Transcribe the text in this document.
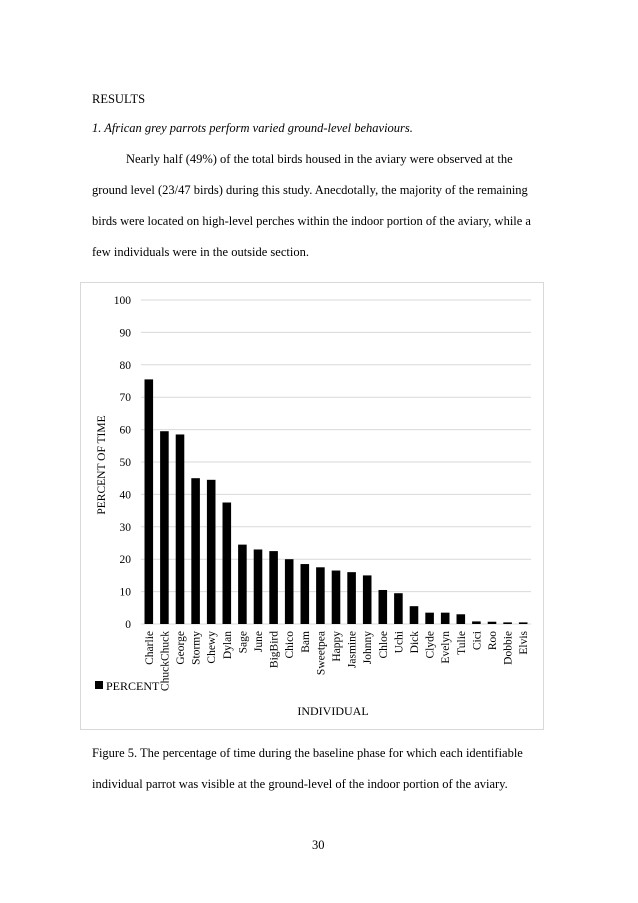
RESULTS
1. African grey parrots perform varied ground-level behaviours.
Nearly half (49%) of the total birds housed in the aviary were observed at the
ground level (23/47 birds) during this study. Anecdotally, the majority of the remaining
birds were located on high-level perches within the indoor portion of the aviary, while a
few individuals were in the outside section.
0
10
20
30
40
50
60
70
80
90
100
Charlie ChuckChuck George Stormy Chewy Dylan Sage June BigBird Chico Bam Sweetpea Happy Jasmine Johnny Chloe Uchi Dick Clyde Evelyn Tulie Cici Roo Dobbie Elvis
PERCENT OF TIME
INDIVIDUAL
PERCENT
Figure 5. The percentage of time during the baseline phase for which each identifiable
individual parrot was visible at the ground-level of the indoor portion of the aviary.
30
